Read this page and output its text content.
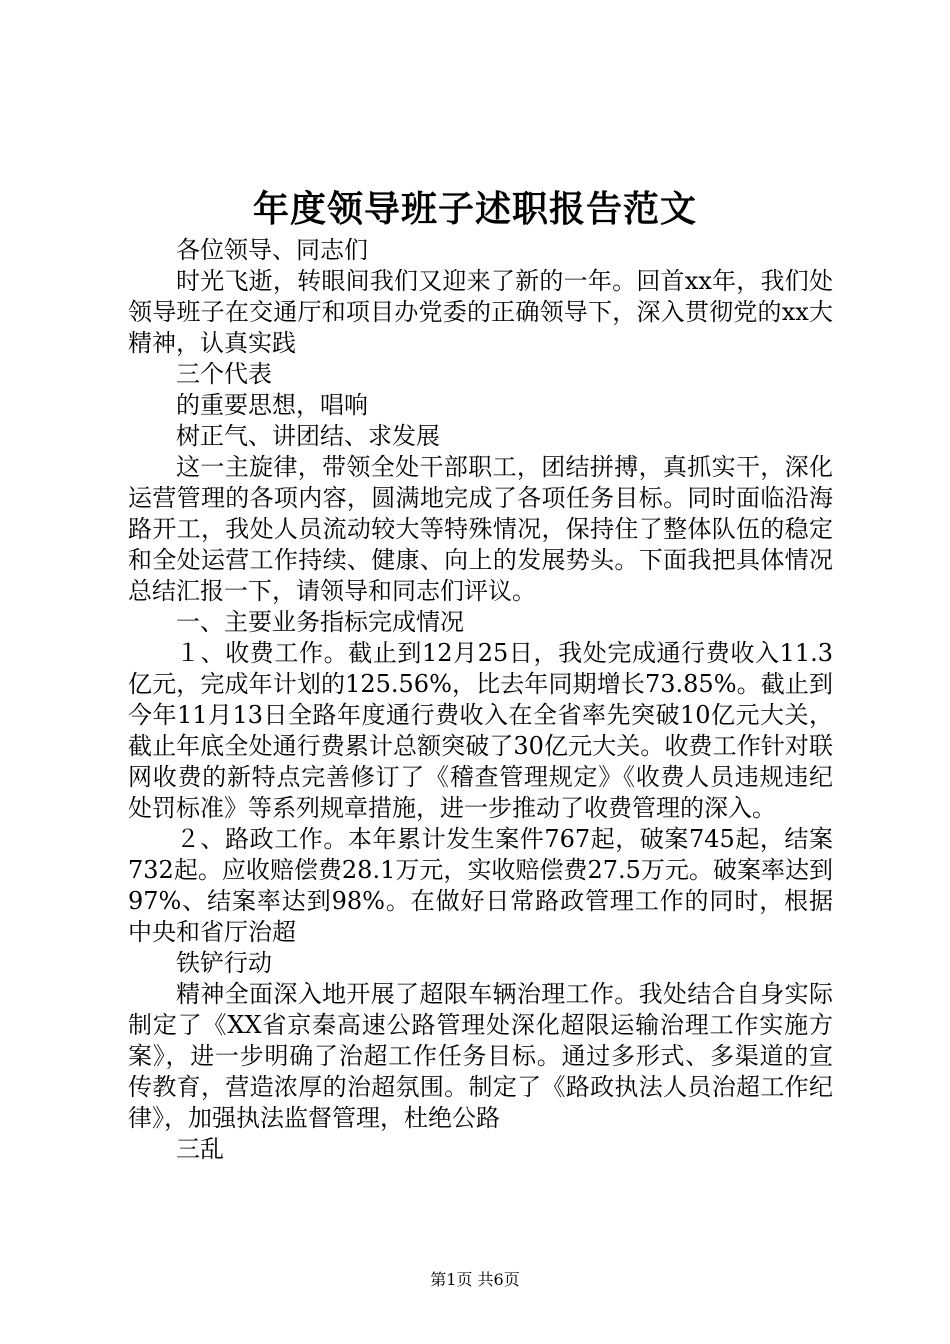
年度领导班子述职报告范文

各位领导、同志们

时光飞逝，转眼间我们又迎来了新的一年。回首xx年，我们处领导班子在交通厅和项目办党委的正确领导下，深入贯彻党的xx大精神，认真实践

三个代表

的重要思想，唱响

树正气、讲团结、求发展

这一主旋律，带领全处干部职工，团结拼搏，真抓实干，深化运营管理的各项内容，圆满地完成了各项任务目标。同时面临沿海路开工，我处人员流动较大等特殊情况，保持住了整体队伍的稳定和全处运营工作持续、健康、向上的发展势头。下面我把具体情况总结汇报一下，请领导和同志们评议。

一、主要业务指标完成情况

１、收费工作。截止到12月25日，我处完成通行费收入11.3亿元，完成年计划的125.56%，比去年同期增长73.85%。截止到今年11月13日全路年度通行费收入在全省率先突破10亿元大关，截止年底全处通行费累计总额突破了30亿元大关。收费工作针对联网收费的新特点完善修订了《稽查管理规定》《收费人员违规违纪处罚标准》等系列规章措施，进一步推动了收费管理的深入。

２、路政工作。本年累计发生案件767起，破案745起，结案732起。应收赔偿费28.1万元，实收赔偿费27.5万元。破案率达到97%、结案率达到98%。在做好日常路政管理工作的同时，根据中央和省厅治超

铁铲行动

精神全面深入地开展了超限车辆治理工作。我处结合自身实际制定了《XX省京秦高速公路管理处深化超限运输治理工作实施方案》，进一步明确了治超工作任务目标。通过多形式、多渠道的宣传教育，营造浓厚的治超氛围。制定了《路政执法人员治超工作纪律》，加强执法监督管理，杜绝公路

三乱

第1页 共6页
